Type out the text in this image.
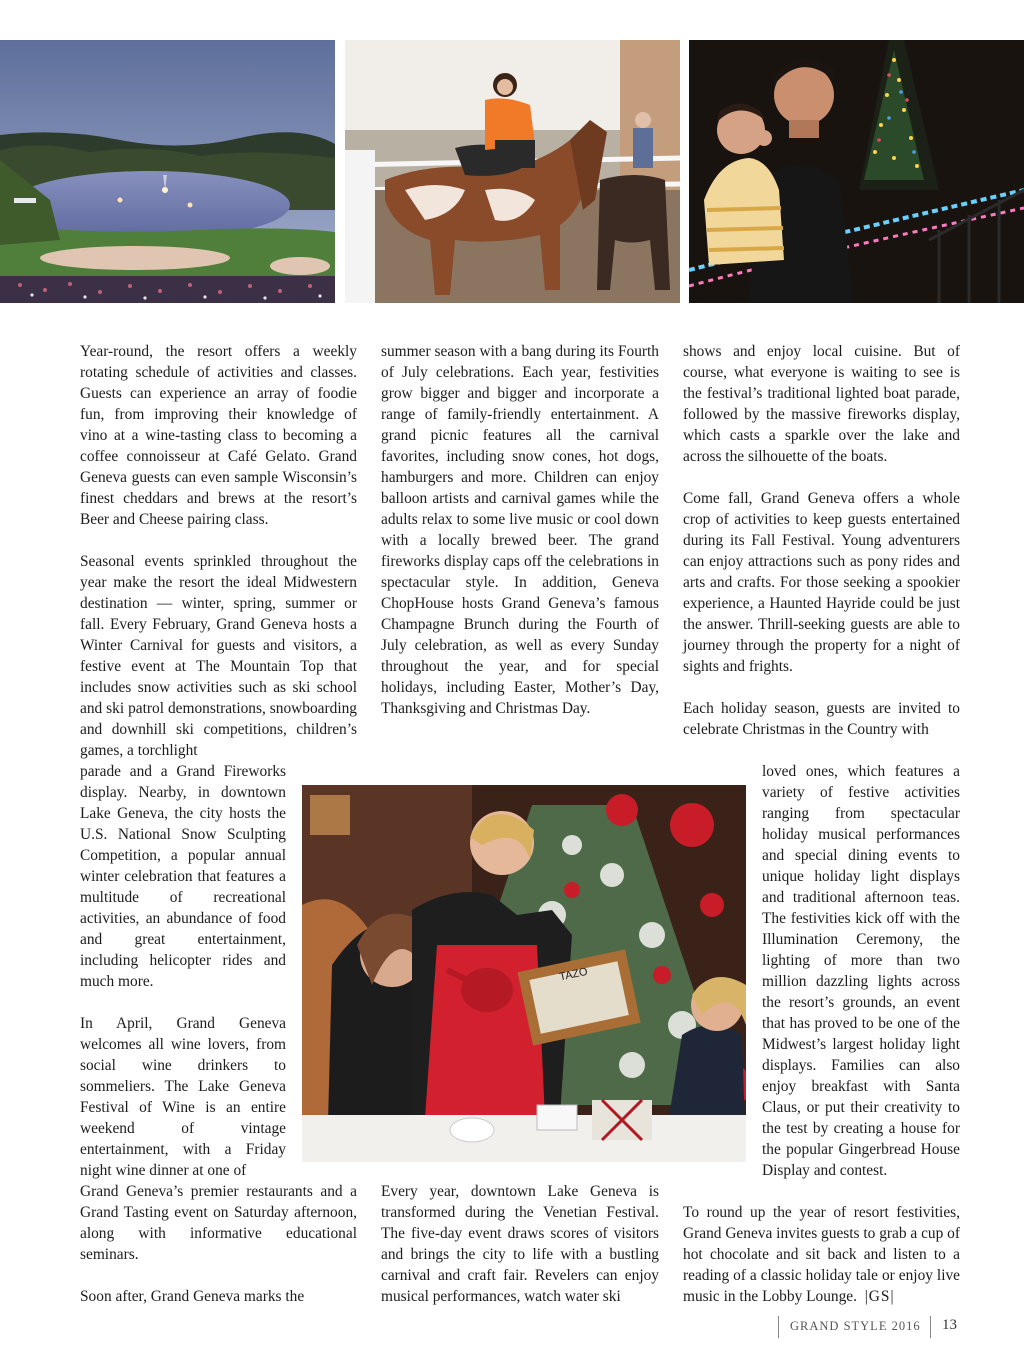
TAZO

Year-round, the resort offers a weekly rotating schedule of activities and classes. Guests can experience an array of foodie fun, from improving their knowledge of vino at a wine-tasting class to becoming a coffee connoisseur at Café Gelato. Grand Geneva guests can even sample Wisconsin’s finest cheddars and brews at the resort’s Beer and Cheese pairing class.

Seasonal events sprinkled throughout the year make the resort the ideal Midwestern destination — winter, spring, summer or fall. Every February, Grand Geneva hosts a Winter Carnival for guests and visitors, a festive event at The Mountain Top that includes snow activities such as ski school and ski patrol demonstrations, snowboarding and downhill ski competitions, children’s games, a torchlight

parade and a Grand Fireworks display. Nearby, in downtown Lake Geneva, the city hosts the U.S. National Snow Sculpting Competition, a popular annual winter celebration that features a multitude of recreational activities, an abundance of food and great entertainment, including helicopter rides and much more.

In April, Grand Geneva welcomes all wine lovers, from social wine drinkers to sommeliers. The Lake Geneva Festival of Wine is an entire weekend of vintage entertainment, with a Friday night wine dinner at one of

Grand Geneva’s premier restaurants and a Grand Tasting event on Saturday afternoon, along with informative educational seminars.

Soon after, Grand Geneva marks the

summer season with a bang during its Fourth of July celebrations. Each year, festivities grow bigger and bigger and incorporate a range of family-friendly entertainment. A grand picnic features all the carnival favorites, including snow cones, hot dogs, hamburgers and more. Children can enjoy balloon artists and carnival games while the adults relax to some live music or cool down with a locally brewed beer. The grand fireworks display caps off the celebrations in spectacular style. In addition, Geneva ChopHouse hosts Grand Geneva’s famous Champagne Brunch during the Fourth of July celebration, as well as every Sunday throughout the year, and for special holidays, including Easter, Mother’s Day, Thanksgiving and Christmas Day.

Every year, downtown Lake Geneva is transformed during the Venetian Festival. The five-day event draws scores of visitors and brings the city to life with a bustling carnival and craft fair. Revelers can enjoy musical performances, watch water ski

shows and enjoy local cuisine. But of course, what everyone is waiting to see is the festival’s traditional lighted boat parade, followed by the massive fireworks display, which casts a sparkle over the lake and across the silhouette of the boats.

Come fall, Grand Geneva offers a whole crop of activities to keep guests entertained during its Fall Festival. Young adventurers can enjoy attractions such as pony rides and arts and crafts. For those seeking a spookier experience, a Haunted Hayride could be just the answer. Thrill-seeking guests are able to journey through the property for a night of sights and frights.

Each holiday season, guests are invited to celebrate Christmas in the Country with

loved ones, which features a variety of festive activities ranging from spectacular holiday musical performances and special dining events to unique holiday light displays and traditional afternoon teas. The festivities kick off with the Illumination Ceremony, the lighting of more than two million dazzling lights across the resort’s grounds, an event that has proved to be one of the Midwest’s largest holiday light displays. Families can also enjoy breakfast with Santa Claus, or put their creativity to the test by creating a house for the popular Gingerbread House Display and contest.

To round up the year of resort festivities, Grand Geneva invites guests to grab a cup of hot chocolate and sit back and listen to a reading of a classic holiday tale or enjoy live music in the Lobby Lounge. |GS|

GRAND STYLE 2016 13
